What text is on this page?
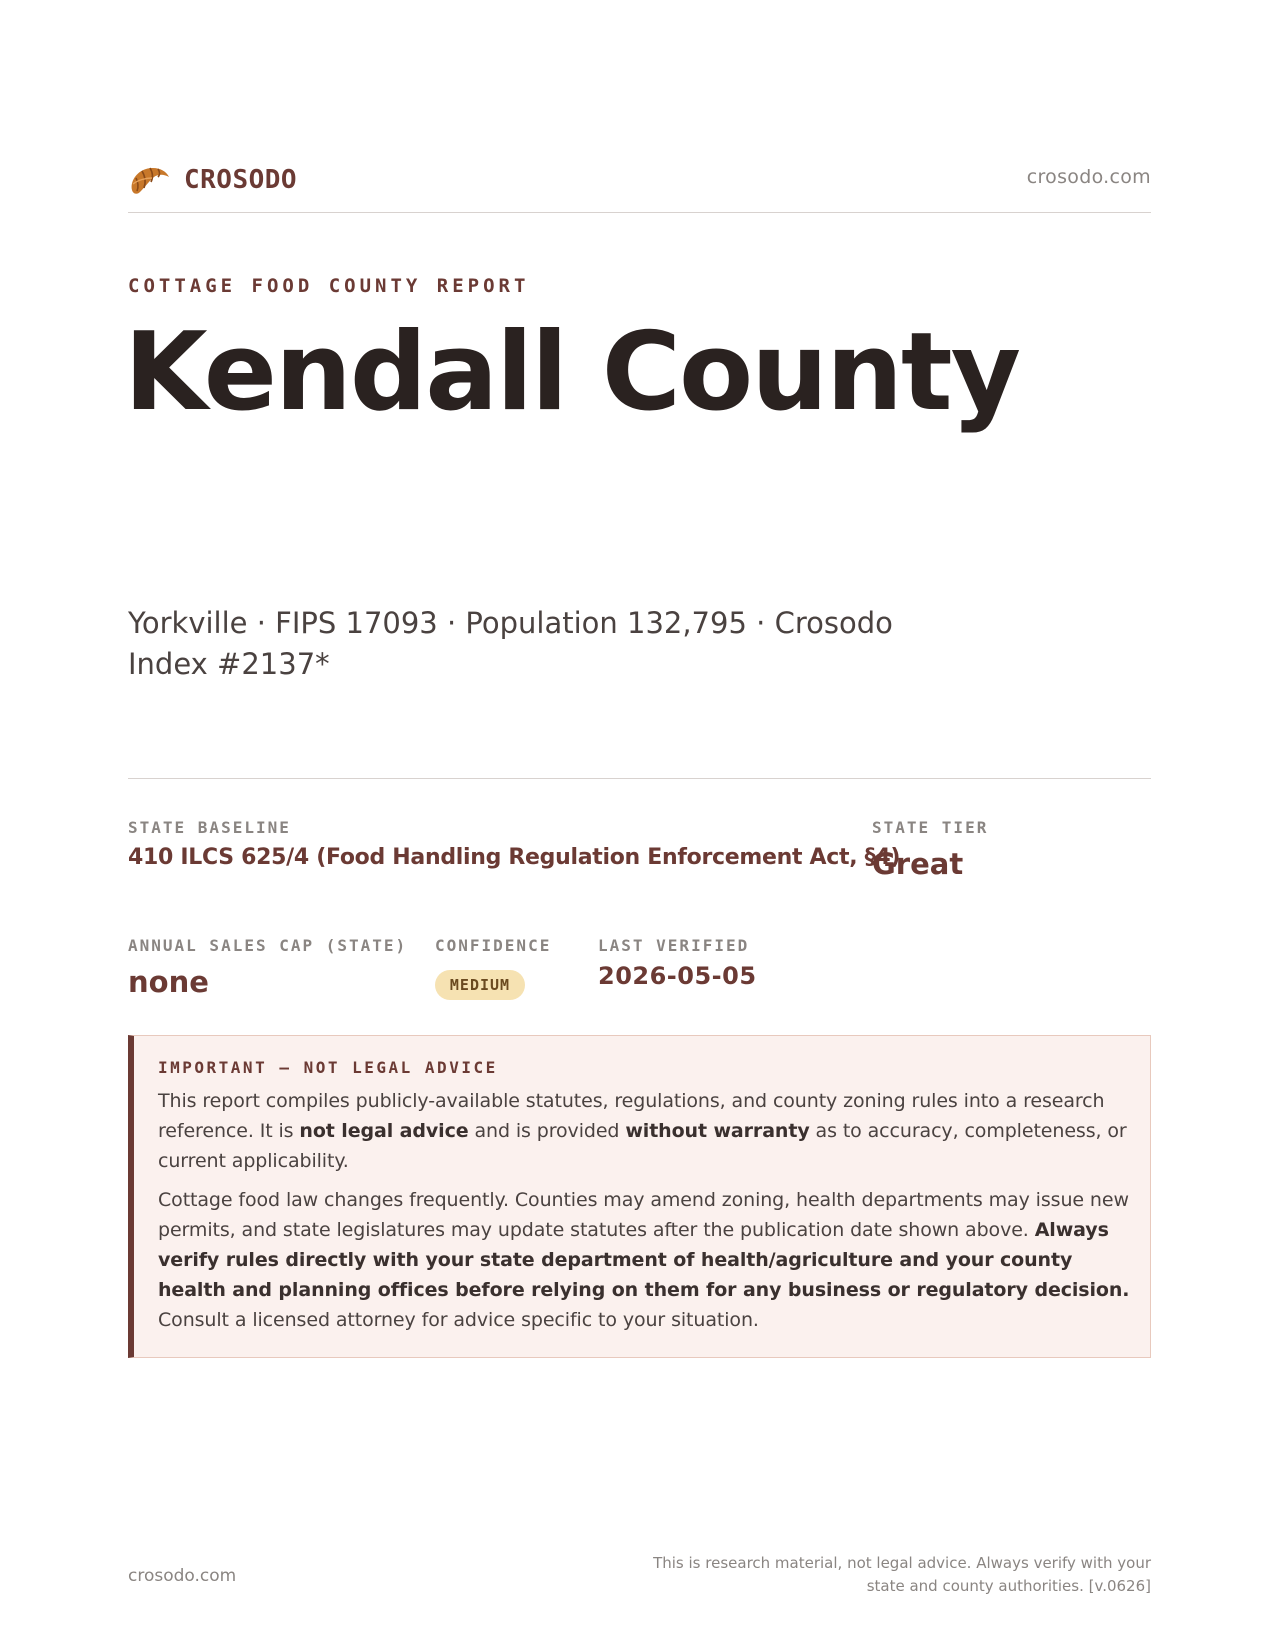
CROSODO	crosodo.com
COTTAGE FOOD COUNTY REPORT
Kendall County
Yorkville · FIPS 17093 · Population 132,795 · Crosodo Index #2137*
STATE BASELINE
410 ILCS 625/4 (Food Handling Regulation Enforcement Act, §4)
STATE TIER
Great
ANNUAL SALES CAP (STATE)
none
CONFIDENCE
MEDIUM
LAST VERIFIED
2026-05-05
IMPORTANT — NOT LEGAL ADVICE

This report compiles publicly-available statutes, regulations, and county zoning rules into a research reference. It is not legal advice and is provided without warranty as to accuracy, completeness, or current applicability.

Cottage food law changes frequently. Counties may amend zoning, health departments may issue new permits, and state legislatures may update statutes after the publication date shown above. Always verify rules directly with your state department of health/agriculture and your county health and planning offices before relying on them for any business or regulatory decision. Consult a licensed attorney for advice specific to your situation.

crosodo.com
This is research material, not legal advice. Always verify with your state and county authorities. [v.0626]
